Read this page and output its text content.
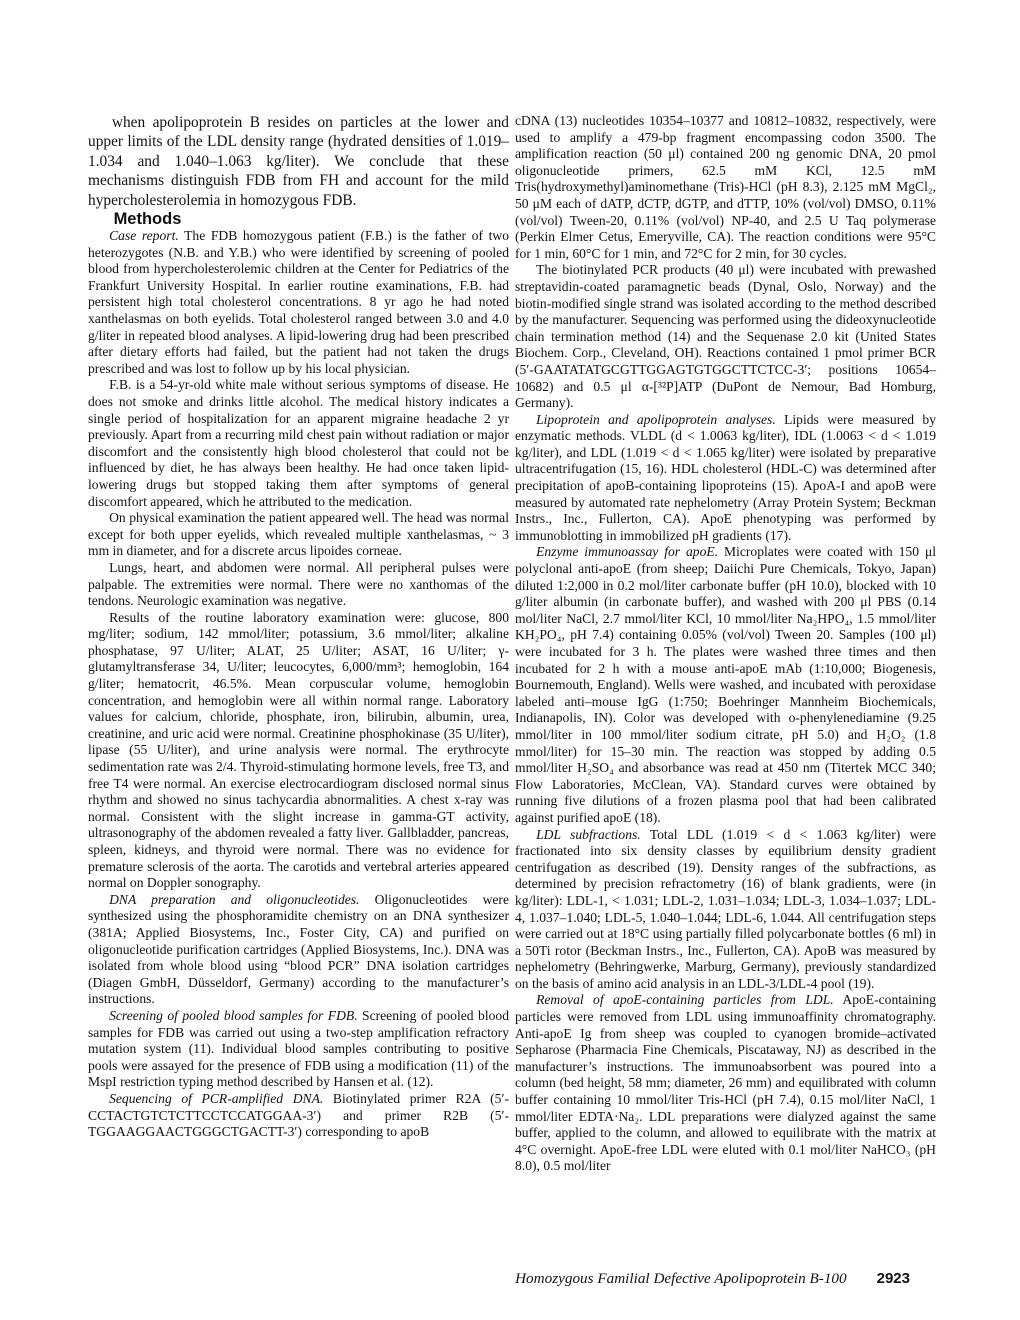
when apolipoprotein B resides on particles at the lower and upper limits of the LDL density range (hydrated densities of 1.019–1.034 and 1.040–1.063 kg/liter). We conclude that these mechanisms distinguish FDB from FH and account for the mild hypercholesterolemia in homozygous FDB.

Methods

Case report. The FDB homozygous patient (F.B.) is the father of two heterozygotes (N.B. and Y.B.) who were identified by screening of pooled blood from hypercholesterolemic children at the Center for Pediatrics of the Frankfurt University Hospital. In earlier routine examinations, F.B. had persistent high total cholesterol concentrations. 8 yr ago he had noted xanthelasmas on both eyelids. Total cholesterol ranged between 3.0 and 4.0 g/liter in repeated blood analyses. A lipid-lowering drug had been prescribed after dietary efforts had failed, but the patient had not taken the drugs prescribed and was lost to follow up by his local physician.

F.B. is a 54-yr-old white male without serious symptoms of disease. He does not smoke and drinks little alcohol. The medical history indicates a single period of hospitalization for an apparent migraine headache 2 yr previously. Apart from a recurring mild chest pain without radiation or major discomfort and the consistently high blood cholesterol that could not be influenced by diet, he has always been healthy. He had once taken lipid-lowering drugs but stopped taking them after symptoms of general discomfort appeared, which he attributed to the medication.

On physical examination the patient appeared well. The head was normal except for both upper eyelids, which revealed multiple xanthelasmas, ~ 3 mm in diameter, and for a discrete arcus lipoides corneae.

Lungs, heart, and abdomen were normal. All peripheral pulses were palpable. The extremities were normal. There were no xanthomas of the tendons. Neurologic examination was negative.

Results of the routine laboratory examination were: glucose, 800 mg/liter; sodium, 142 mmol/liter; potassium, 3.6 mmol/liter; alkaline phosphatase, 97 U/liter; ALAT, 25 U/liter; ASAT, 16 U/liter; γ-glutamyltransferase 34, U/liter; leucocytes, 6,000/mm³; hemoglobin, 164 g/liter; hematocrit, 46.5%. Mean corpuscular volume, hemoglobin concentration, and hemoglobin were all within normal range. Laboratory values for calcium, chloride, phosphate, iron, bilirubin, albumin, urea, creatinine, and uric acid were normal. Creatinine phosphokinase (35 U/liter), lipase (55 U/liter), and urine analysis were normal. The erythrocyte sedimentation rate was 2/4. Thyroid-stimulating hormone levels, free T3, and free T4 were normal. An exercise electrocardiogram disclosed normal sinus rhythm and showed no sinus tachycardia abnormalities. A chest x-ray was normal. Consistent with the slight increase in gamma-GT activity, ultrasonography of the abdomen revealed a fatty liver. Gallbladder, pancreas, spleen, kidneys, and thyroid were normal. There was no evidence for premature sclerosis of the aorta. The carotids and vertebral arteries appeared normal on Doppler sonography.

DNA preparation and oligonucleotides. Oligonucleotides were synthesized using the phosphoramidite chemistry on an DNA synthesizer (381A; Applied Biosystems, Inc., Foster City, CA) and purified on oligonucleotide purification cartridges (Applied Biosystems, Inc.). DNA was isolated from whole blood using “blood PCR” DNA isolation cartridges (Diagen GmbH, Düsseldorf, Germany) according to the manufacturer’s instructions.

Screening of pooled blood samples for FDB. Screening of pooled blood samples for FDB was carried out using a two-step amplification refractory mutation system (11). Individual blood samples contributing to positive pools were assayed for the presence of FDB using a modification (11) of the MspI restriction typing method described by Hansen et al. (12).

Sequencing of PCR-amplified DNA. Biotinylated primer R2A (5′-CCTACTGTCTCTTCCTCCATGGAA-3′) and primer R2B (5′-TGGAAGGAACTGGGCTGACTT-3′) corresponding to apoB

cDNA (13) nucleotides 10354–10377 and 10812–10832, respectively, were used to amplify a 479-bp fragment encompassing codon 3500. The amplification reaction (50 μl) contained 200 ng genomic DNA, 20 pmol oligonucleotide primers, 62.5 mM KCl, 12.5 mM Tris(hydroxymethyl)aminomethane (Tris)-HCl (pH 8.3), 2.125 mM MgCl₂, 50 μM each of dATP, dCTP, dGTP, and dTTP, 10% (vol/vol) DMSO, 0.11% (vol/vol) Tween-20, 0.11% (vol/vol) NP-40, and 2.5 U Taq polymerase (Perkin Elmer Cetus, Emeryville, CA). The reaction conditions were 95°C for 1 min, 60°C for 1 min, and 72°C for 2 min, for 30 cycles.

The biotinylated PCR products (40 μl) were incubated with prewashed streptavidin-coated paramagnetic beads (Dynal, Oslo, Norway) and the biotin-modified single strand was isolated according to the method described by the manufacturer. Sequencing was performed using the dideoxynucleotide chain termination method (14) and the Sequenase 2.0 kit (United States Biochem. Corp., Cleveland, OH). Reactions contained 1 pmol primer BCR (5′-GAATATATGCGTTGGAGTGTGGCTTCTCC-3′; positions 10654–10682) and 0.5 μl α-[³²P]ATP (DuPont de Nemour, Bad Homburg, Germany).

Lipoprotein and apolipoprotein analyses. Lipids were measured by enzymatic methods. VLDL (d < 1.0063 kg/liter), IDL (1.0063 < d < 1.019 kg/liter), and LDL (1.019 < d < 1.065 kg/liter) were isolated by preparative ultracentrifugation (15, 16). HDL cholesterol (HDL-C) was determined after precipitation of apoB-containing lipoproteins (15). ApoA-I and apoB were measured by automated rate nephelometry (Array Protein System; Beckman Instrs., Inc., Fullerton, CA). ApoE phenotyping was performed by immunoblotting in immobilized pH gradients (17).

Enzyme immunoassay for apoE. Microplates were coated with 150 μl polyclonal anti-apoE (from sheep; Daiichi Pure Chemicals, Tokyo, Japan) diluted 1:2,000 in 0.2 mol/liter carbonate buffer (pH 10.0), blocked with 10 g/liter albumin (in carbonate buffer), and washed with 200 μl PBS (0.14 mol/liter NaCl, 2.7 mmol/liter KCl, 10 mmol/liter Na₂HPO₄, 1.5 mmol/liter KH₂PO₄, pH 7.4) containing 0.05% (vol/vol) Tween 20. Samples (100 μl) were incubated for 3 h. The plates were washed three times and then incubated for 2 h with a mouse anti-apoE mAb (1:10,000; Biogenesis, Bournemouth, England). Wells were washed, and incubated with peroxidase labeled anti–mouse IgG (1:750; Boehringer Mannheim Biochemicals, Indianapolis, IN). Color was developed with o-phenylenediamine (9.25 mmol/liter in 100 mmol/liter sodium citrate, pH 5.0) and H₂O₂ (1.8 mmol/liter) for 15–30 min. The reaction was stopped by adding 0.5 mmol/liter H₂SO₄ and absorbance was read at 450 nm (Titertek MCC 340; Flow Laboratories, McClean, VA). Standard curves were obtained by running five dilutions of a frozen plasma pool that had been calibrated against purified apoE (18).

LDL subfractions. Total LDL (1.019 < d < 1.063 kg/liter) were fractionated into six density classes by equilibrium density gradient centrifugation as described (19). Density ranges of the subfractions, as determined by precision refractometry (16) of blank gradients, were (in kg/liter): LDL-1, < 1.031; LDL-2, 1.031–1.034; LDL-3, 1.034–1.037; LDL-4, 1.037–1.040; LDL-5, 1.040–1.044; LDL-6, 1.044. All centrifugation steps were carried out at 18°C using partially filled polycarbonate bottles (6 ml) in a 50Ti rotor (Beckman Instrs., Inc., Fullerton, CA). ApoB was measured by nephelometry (Behringwerke, Marburg, Germany), previously standardized on the basis of amino acid analysis in an LDL-3/LDL-4 pool (19).

Removal of apoE-containing particles from LDL. ApoE-containing particles were removed from LDL using immunoaffinity chromatography. Anti-apoE Ig from sheep was coupled to cyanogen bromide–activated Sepharose (Pharmacia Fine Chemicals, Piscataway, NJ) as described in the manufacturer’s instructions. The immunoabsorbent was poured into a column (bed height, 58 mm; diameter, 26 mm) and equilibrated with column buffer containing 10 mmol/liter Tris-HCl (pH 7.4), 0.15 mol/liter NaCl, 1 mmol/liter EDTA·Na₂. LDL preparations were dialyzed against the same buffer, applied to the column, and allowed to equilibrate with the matrix at 4°C overnight. ApoE-free LDL were eluted with 0.1 mol/liter NaHCO₃ (pH 8.0), 0.5 mol/liter

Homozygous Familial Defective Apolipoprotein B-100 2923
